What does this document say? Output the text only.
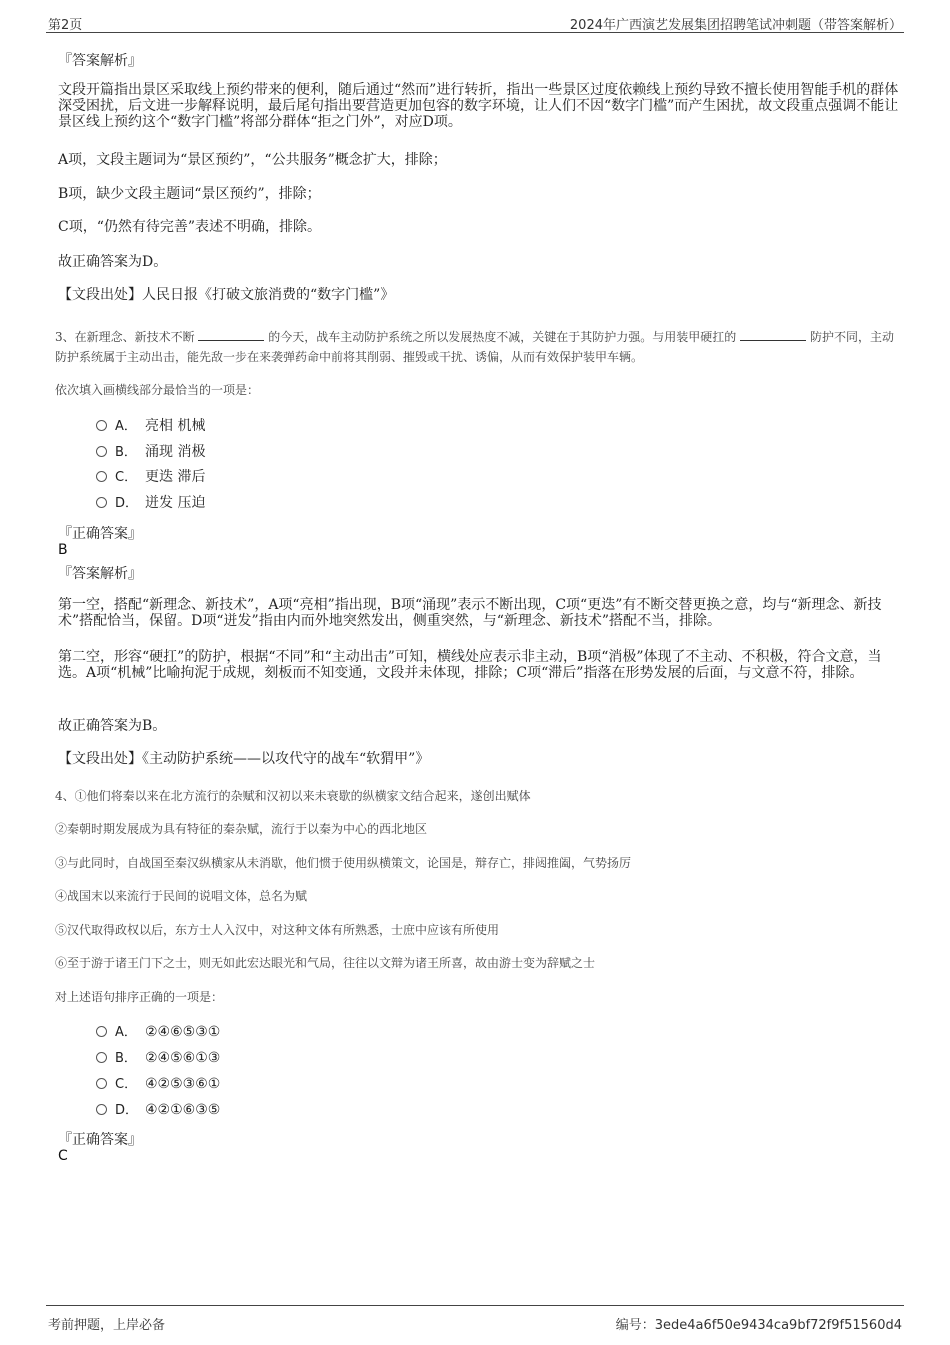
第2页	2024年广西演艺发展集团招聘笔试冲刺题（带答案解析）
『答案解析』
文段开篇指出景区采取线上预约带来的便利，随后通过“然而”进行转折，指出一些景区过度依赖线上预约导致不擅长使用智能手机的群体深受困扰，后文进一步解释说明，最后尾句指出要营造更加包容的数字环境，让人们不因“数字门槛”而产生困扰，故文段重点强调不能让景区线上预约这个“数字门槛”将部分群体“拒之门外”，对应D项。
A项，文段主题词为“景区预约”，“公共服务”概念扩大，排除；
B项，缺少文段主题词“景区预约”，排除；
C项，“仍然有待完善”表述不明确，排除。
故正确答案为D。
【文段出处】人民日报《打破文旅消费的“数字门槛”》
3、在新理念、新技术不断	的今天，战车主动防护系统之所以发展热度不减，关键在于其防护力强。与用装甲硬扛的	防护不同，主动防护系统属于主动出击，能先敌一步在来袭弹药命中前将其削弱、摧毁或干扰、诱偏，从而有效保护装甲车辆。
依次填入画横线部分最恰当的一项是：
A． 亮相 机械
B． 涌现 消极
C． 更迭 滞后
D． 迸发 压迫
『正确答案』
B
『答案解析』
第一空，搭配“新理念、新技术”，A项“亮相”指出现，B项“涌现”表示不断出现，C项“更迭”有不断交替更换之意，均与“新理念、新技术”搭配恰当，保留。D项“迸发”指由内而外地突然发出，侧重突然，与“新理念、新技术”搭配不当，排除。
第二空，形容“硬扛”的防护，根据“不同”和“主动出击”可知，横线处应表示非主动，B项“消极”体现了不主动、不积极，符合文意，当选。A项“机械”比喻拘泥于成规，刻板而不知变通，文段并未体现，排除；C项“滞后”指落在形势发展的后面，与文意不符，排除。
故正确答案为B。
【文段出处】《主动防护系统——以攻代守的战车“软猬甲”》
4、①他们将秦以来在北方流行的杂赋和汉初以来未衰歇的纵横家文结合起来，遂创出赋体
②秦朝时期发展成为具有特征的秦杂赋，流行于以秦为中心的西北地区
③与此同时，自战国至秦汉纵横家从未消歇，他们惯于使用纵横策文，论国是，辩存亡，排闼推阖，气势扬厉
④战国末以来流行于民间的说唱文体，总名为赋
⑤汉代取得政权以后，东方士人入汉中，对这种文体有所熟悉，士庶中应该有所使用
⑥至于游于诸王门下之士，则无如此宏达眼光和气局，往往以文辩为诸王所喜，故由游士变为辞赋之士
对上述语句排序正确的一项是：
A． ②④⑥⑤③①
B． ②④⑤⑥①③
C． ④②⑤③⑥①
D． ④②①⑥③⑤
『正确答案』
C
考前押题，上岸必备	编号：3ede4a6f50e9434ca9bf72f9f51560d4
